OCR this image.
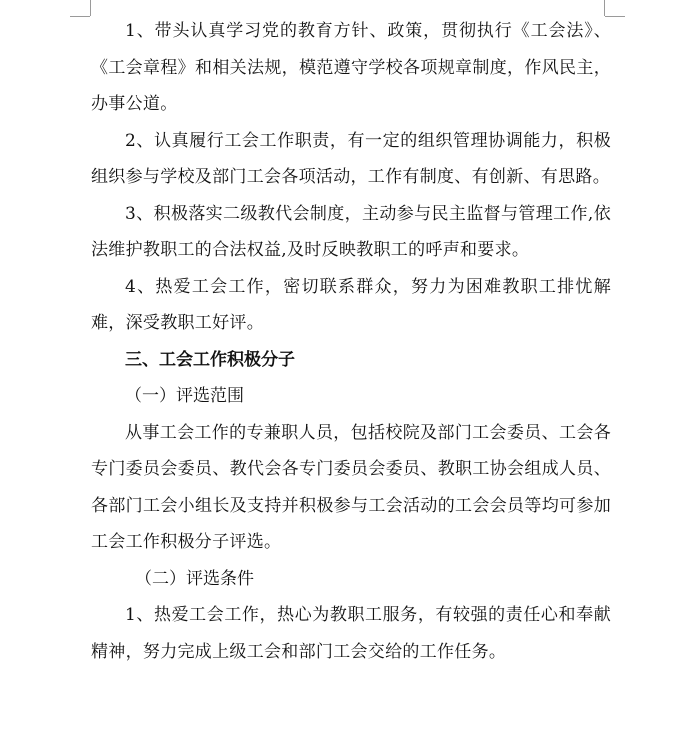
1、带头认真学习党的教育方针、政策，贯彻执行《工会法》、《工会章程》和相关法规，模范遵守学校各项规章制度，作风民主，办事公道。

2、认真履行工会工作职责，有一定的组织管理协调能力，积极组织参与学校及部门工会各项活动，工作有制度、有创新、有思路。

3、积极落实二级教代会制度，主动参与民主监督与管理工作,依法维护教职工的合法权益,及时反映教职工的呼声和要求。

4、热爱工会工作，密切联系群众，努力为困难教职工排忧解难，深受教职工好评。

三、工会工作积极分子

（一）评选范围

从事工会工作的专兼职人员，包括校院及部门工会委员、工会各专门委员会委员、教代会各专门委员会委员、教职工协会组成人员、各部门工会小组长及支持并积极参与工会活动的工会会员等均可参加工会工作积极分子评选。

（二）评选条件

1、热爱工会工作，热心为教职工服务，有较强的责任心和奉献精神，努力完成上级工会和部门工会交给的工作任务。
